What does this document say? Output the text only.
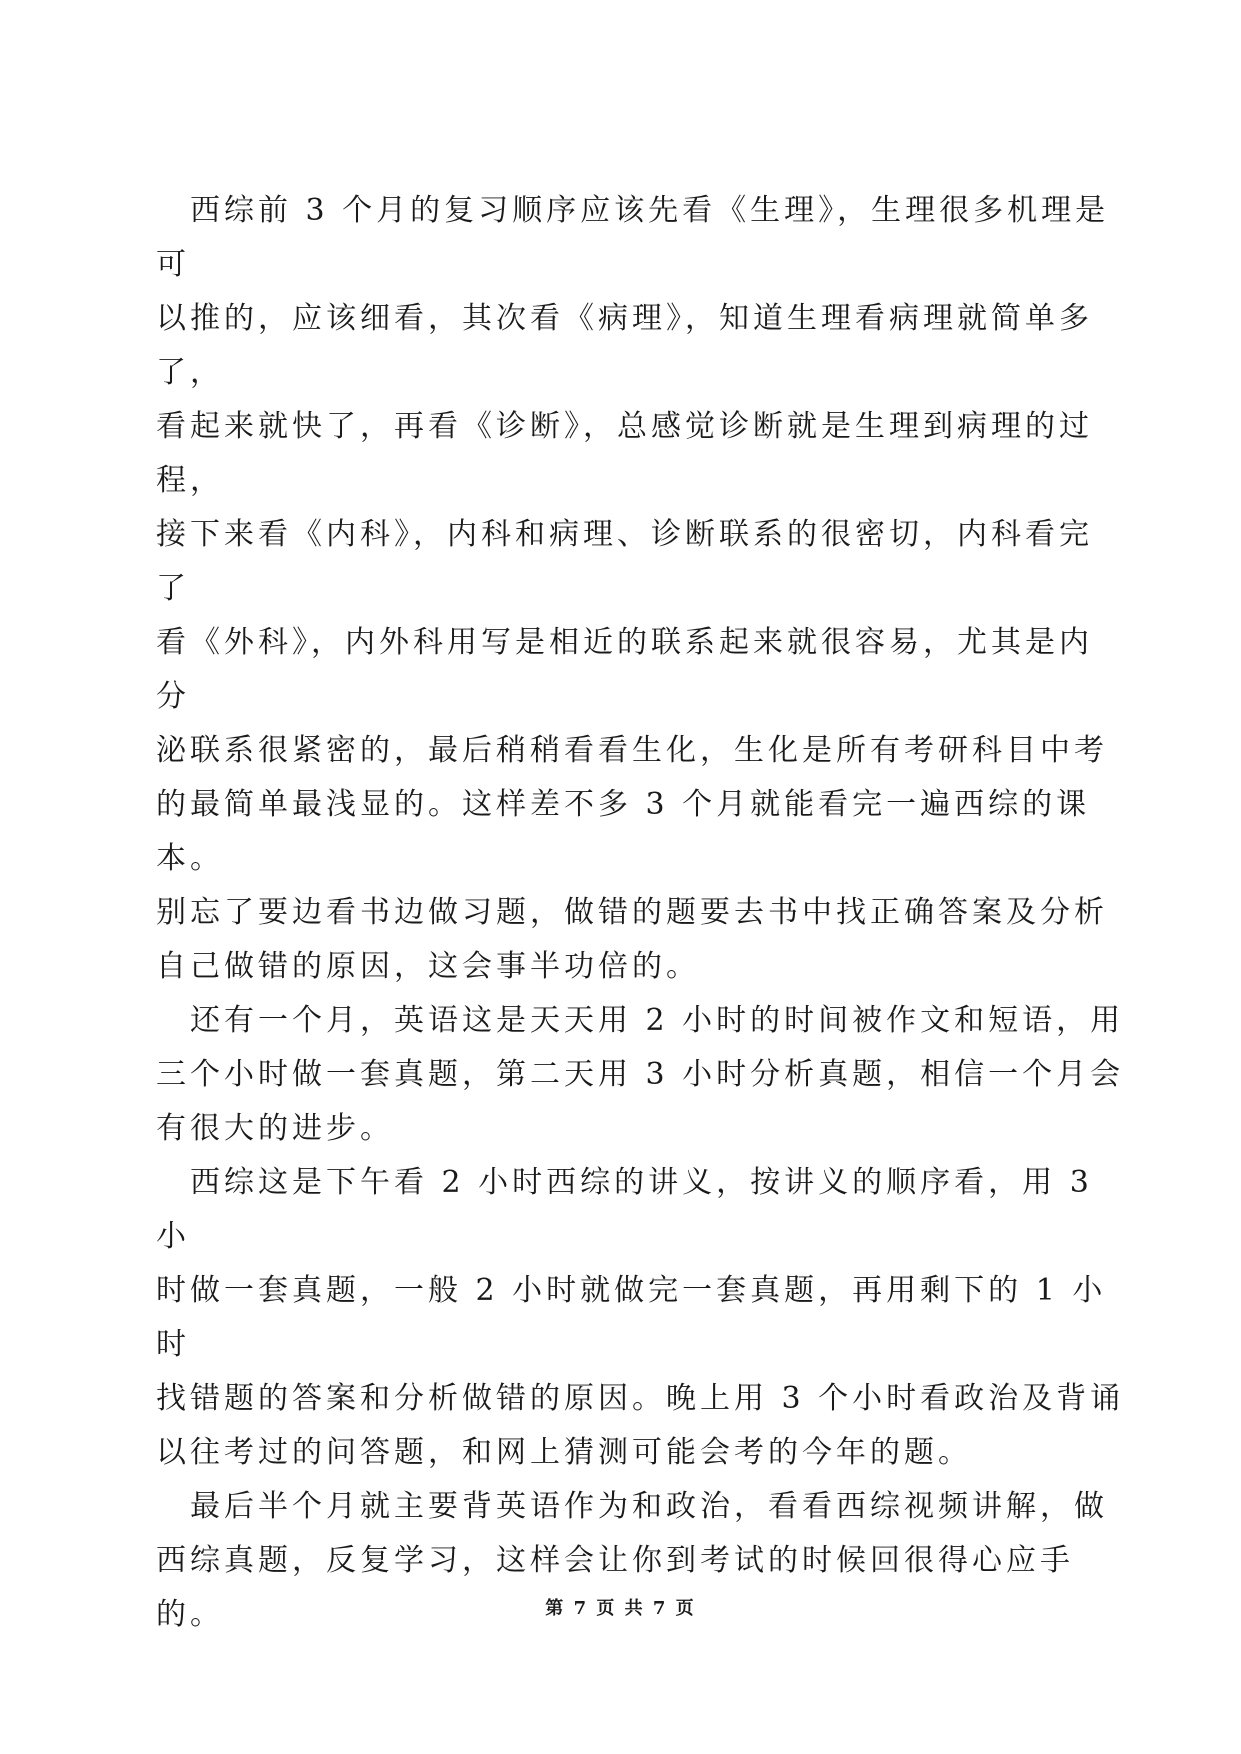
西综前 3 个月的复习顺序应该先看《生理》，生理很多机理是可
以推的，应该细看，其次看《病理》，知道生理看病理就简单多了，
看起来就快了，再看《诊断》，总感觉诊断就是生理到病理的过程，
接下来看《内科》，内科和病理、诊断联系的很密切，内科看完了
看《外科》，内外科用写是相近的联系起来就很容易，尤其是内分
泌联系很紧密的，最后稍稍看看生化，生化是所有考研科目中考
的最简单最浅显的。这样差不多 3 个月就能看完一遍西综的课本。
别忘了要边看书边做习题，做错的题要去书中找正确答案及分析
自己做错的原因，这会事半功倍的。

还有一个月，英语这是天天用 2 小时的时间被作文和短语，用
三个小时做一套真题，第二天用 3 小时分析真题，相信一个月会
有很大的进步。

西综这是下午看 2 小时西综的讲义，按讲义的顺序看，用 3 小
时做一套真题，一般 2 小时就做完一套真题，再用剩下的 1 小时
找错题的答案和分析做错的原因。晚上用 3 个小时看政治及背诵
以往考过的问答题，和网上猜测可能会考的今年的题。

最后半个月就主要背英语作为和政治，看看西综视频讲解，做
西综真题，反复学习，这样会让你到考试的时候回很得心应手的。	第 7 页 共 7 页
